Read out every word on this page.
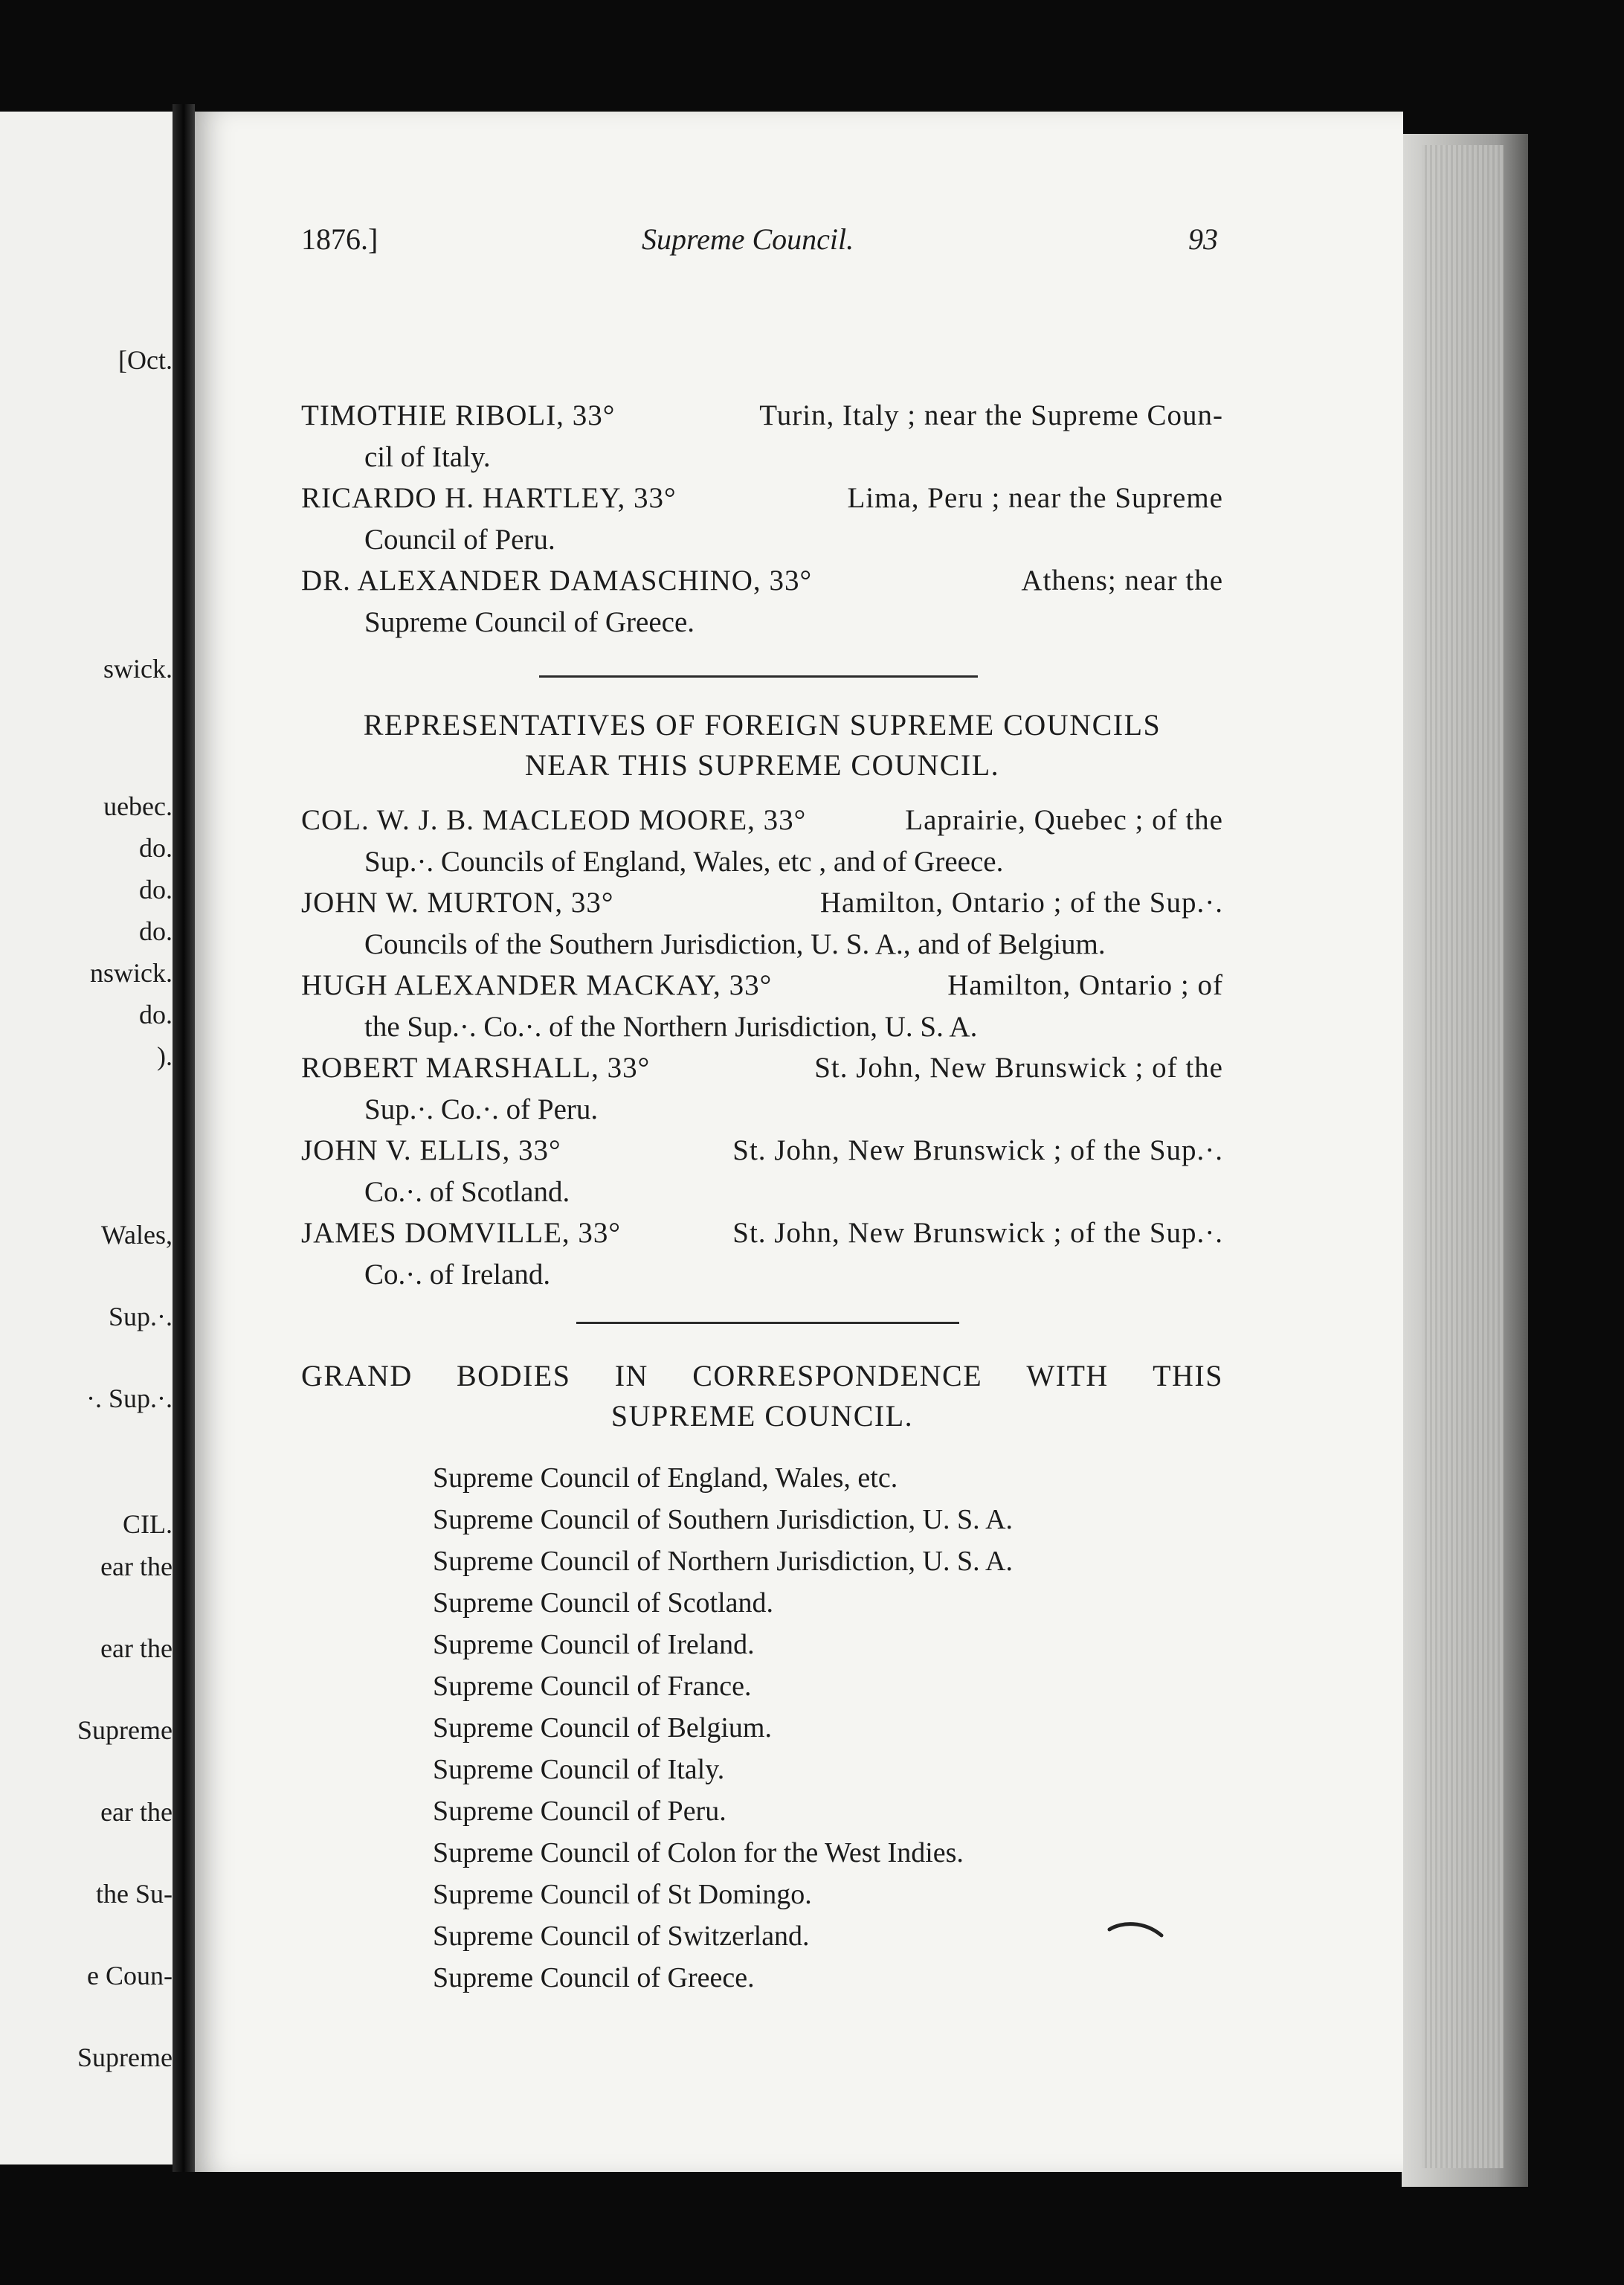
[Oct.
swick.
uebec.
do.
do.
do.
nswick.
do.
).
Wales,
Sup.·.
·. Sup.·.
CIL.
ear the
ear the
Supreme
ear the
the Su-
e Coun-
Supreme
1876.]	Supreme Council.	93
TIMOTHIE RIBOLI, 33°	Turin, Italy ; near the Supreme Coun-
cil of Italy.
RICARDO H. HARTLEY, 33°	Lima, Peru ; near the Supreme
Council of Peru.
DR. ALEXANDER DAMASCHINO, 33°	Athens; near the
Supreme Council of Greece.
REPRESENTATIVES OF FOREIGN SUPREME COUNCILS
NEAR THIS SUPREME COUNCIL.
COL. W. J. B. MACLEOD MOORE, 33°	Laprairie, Quebec ; of the
Sup.·. Councils of England, Wales, etc , and of Greece.
JOHN W. MURTON, 33°	Hamilton, Ontario ; of the Sup.·.
Councils of the Southern Jurisdiction, U. S. A., and of Belgium.
HUGH ALEXANDER MACKAY, 33°	Hamilton, Ontario ; of
the Sup.·. Co.·. of the Northern Jurisdiction, U. S. A.
ROBERT MARSHALL, 33°	St. John, New Brunswick ; of the
Sup.·. Co.·. of Peru.
JOHN V. ELLIS, 33°	St. John, New Brunswick ; of the Sup.·.
Co.·. of Scotland.
JAMES DOMVILLE, 33°	St. John, New Brunswick ; of the Sup.·.
Co.·. of Ireland.
GRAND BODIES IN CORRESPONDENCE WITH THIS
SUPREME COUNCIL.
Supreme Council of England, Wales, etc.
Supreme Council of Southern Jurisdiction, U. S. A.
Supreme Council of Northern Jurisdiction, U. S. A.
Supreme Council of Scotland.
Supreme Council of Ireland.
Supreme Council of France.
Supreme Council of Belgium.
Supreme Council of Italy.
Supreme Council of Peru.
Supreme Council of Colon for the West Indies.
Supreme Council of St Domingo.
Supreme Council of Switzerland.
Supreme Council of Greece.
